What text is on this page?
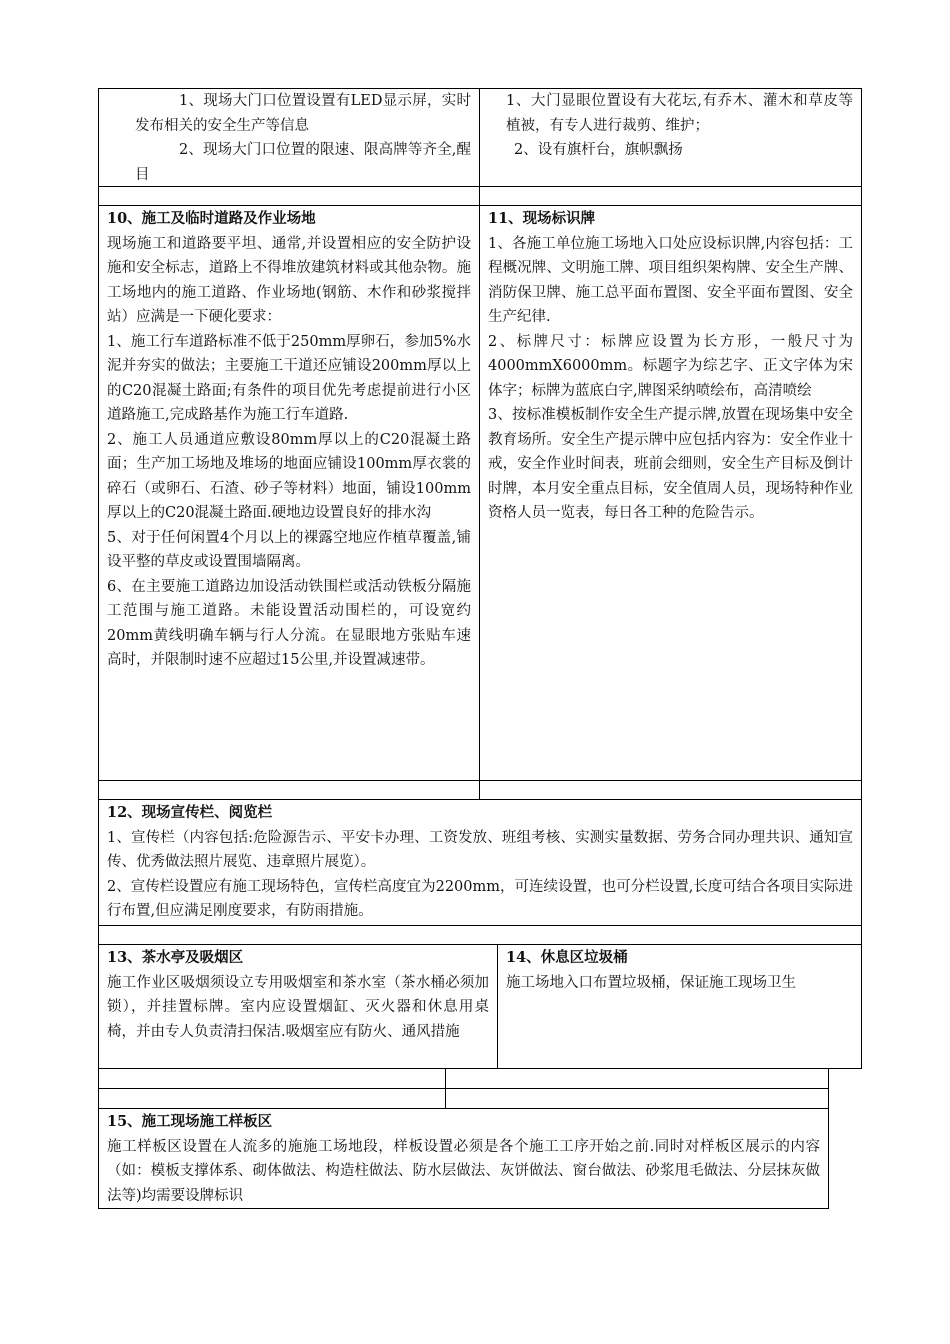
1、现场大门口位置设置有LED显示屏，实时发布相关的安全生产等信息

2、现场大门口位置的限速、限高牌等齐全,醒目

1、大门显眼位置设有大花坛,有乔木、灌木和草皮等植被，有专人进行裁剪、维护；

2、设有旗杆台，旗帜飘扬

10、施工及临时道路及作业场地

现场施工和道路要平坦、通常,并设置相应的安全防护设施和安全标志，道路上不得堆放建筑材料或其他杂物。施工场地内的施工道路、作业场地(钢筋、木作和砂浆搅拌站）应满是一下硬化要求：

1、施工行车道路标准不低于250mm厚卵石，参加5%水泥并夯实的做法；主要施工干道还应铺设200mm厚以上的C20混凝土路面;有条件的项目优先考虑提前进行小区道路施工,完成路基作为施工行车道路.

2、施工人员通道应敷设80mm厚以上的C20混凝土路面；生产加工场地及堆场的地面应铺设100mm厚衣裳的碎石（或卵石、石渣、砂子等材料）地面，铺设100mm厚以上的C20混凝土路面.硬地边设置良好的排水沟

5、对于任何闲置4个月以上的裸露空地应作植草覆盖,铺设平整的草皮或设置围墙隔离。

6、在主要施工道路边加设活动铁围栏或活动铁板分隔施工范围与施工道路。未能设置活动围栏的，可设宽约20mm黄线明确车辆与行人分流。在显眼地方张贴车速高时，并限制时速不应超过15公里,并设置减速带。

11、现场标识牌

1、各施工单位施工场地入口处应设标识牌,内容包括：工程概况牌、文明施工牌、项目组织架构牌、安全生产牌、消防保卫牌、施工总平面布置图、安全平面布置图、安全生产纪律.

2、标牌尺寸：标牌应设置为长方形，一般尺寸为4000mmX6000mm。标题字为综艺字、正文字体为宋体字；标牌为蓝底白字,牌图采纳喷绘布，高清喷绘

3、按标准模板制作安全生产提示牌,放置在现场集中安全教育场所。安全生产提示牌中应包括内容为：安全作业十戒，安全作业时间表，班前会细则，安全生产目标及倒计时牌，本月安全重点目标，安全值周人员，现场特种作业资格人员一览表，每日各工种的危险告示。

12、现场宣传栏、阅览栏

1、宣传栏（内容包括:危险源告示、平安卡办理、工资发放、班组考核、实测实量数据、劳务合同办理共识、通知宣传、优秀做法照片展览、违章照片展览）。

2、宣传栏设置应有施工现场特色，宣传栏高度宜为2200mm，可连续设置，也可分栏设置,长度可结合各项目实际进行布置,但应满足刚度要求，有防雨措施。

13、茶水亭及吸烟区

施工作业区吸烟须设立专用吸烟室和茶水室（茶水桶必须加锁），并挂置标牌。室内应设置烟缸、灭火器和休息用桌椅，并由专人负责清扫保洁.吸烟室应有防火、通风措施

14、休息区垃圾桶

施工场地入口布置垃圾桶，保证施工现场卫生

15、施工现场施工样板区

施工样板区设置在人流多的施施工场地段，样板设置必须是各个施工工序开始之前.同时对样板区展示的内容（如：模板支撑体系、砌体做法、构造柱做法、防水层做法、灰饼做法、窗台做法、砂浆甩毛做法、分层抹灰做法等)均需要设牌标识
